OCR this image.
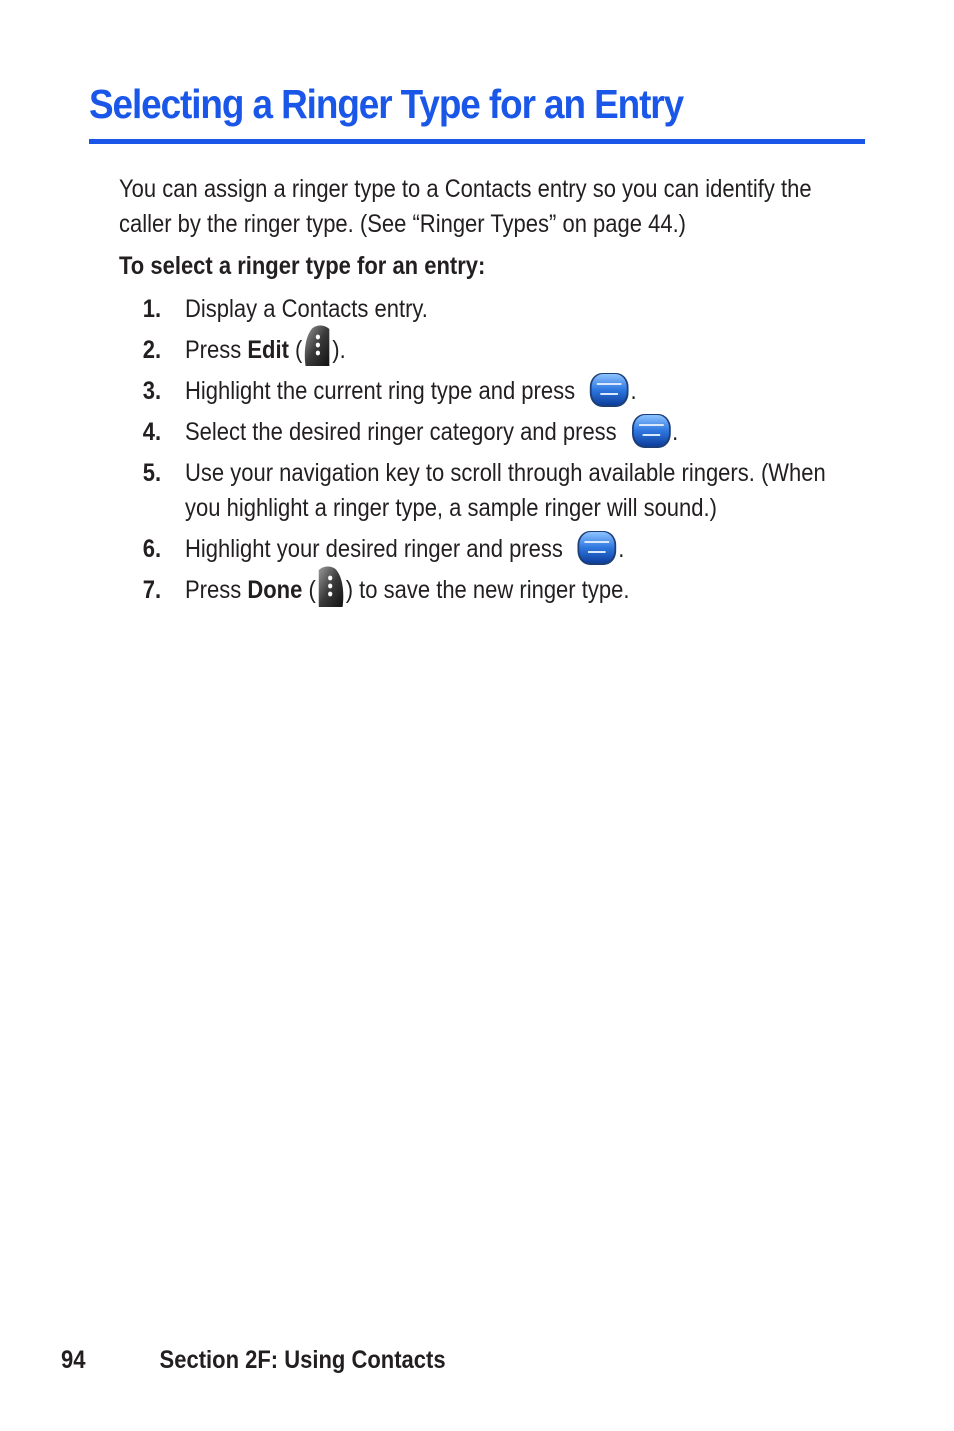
Selecting a Ringer Type for an Entry

You can assign a ringer type to a Contacts entry so you can identify the caller by the ringer type. (See “Ringer Types” on page 44.)

To select a ringer type for an entry:

1. Display a Contacts entry.
2. Press Edit ( ).
3. Highlight the current ring type and press .
4. Select the desired ringer category and press .
5. Use your navigation key to scroll through available ringers. (When you highlight a ringer type, a sample ringer will sound.)
6. Highlight your desired ringer and press .
7. Press Done ( ) to save the new ringer type.
94	Section 2F: Using Contacts
